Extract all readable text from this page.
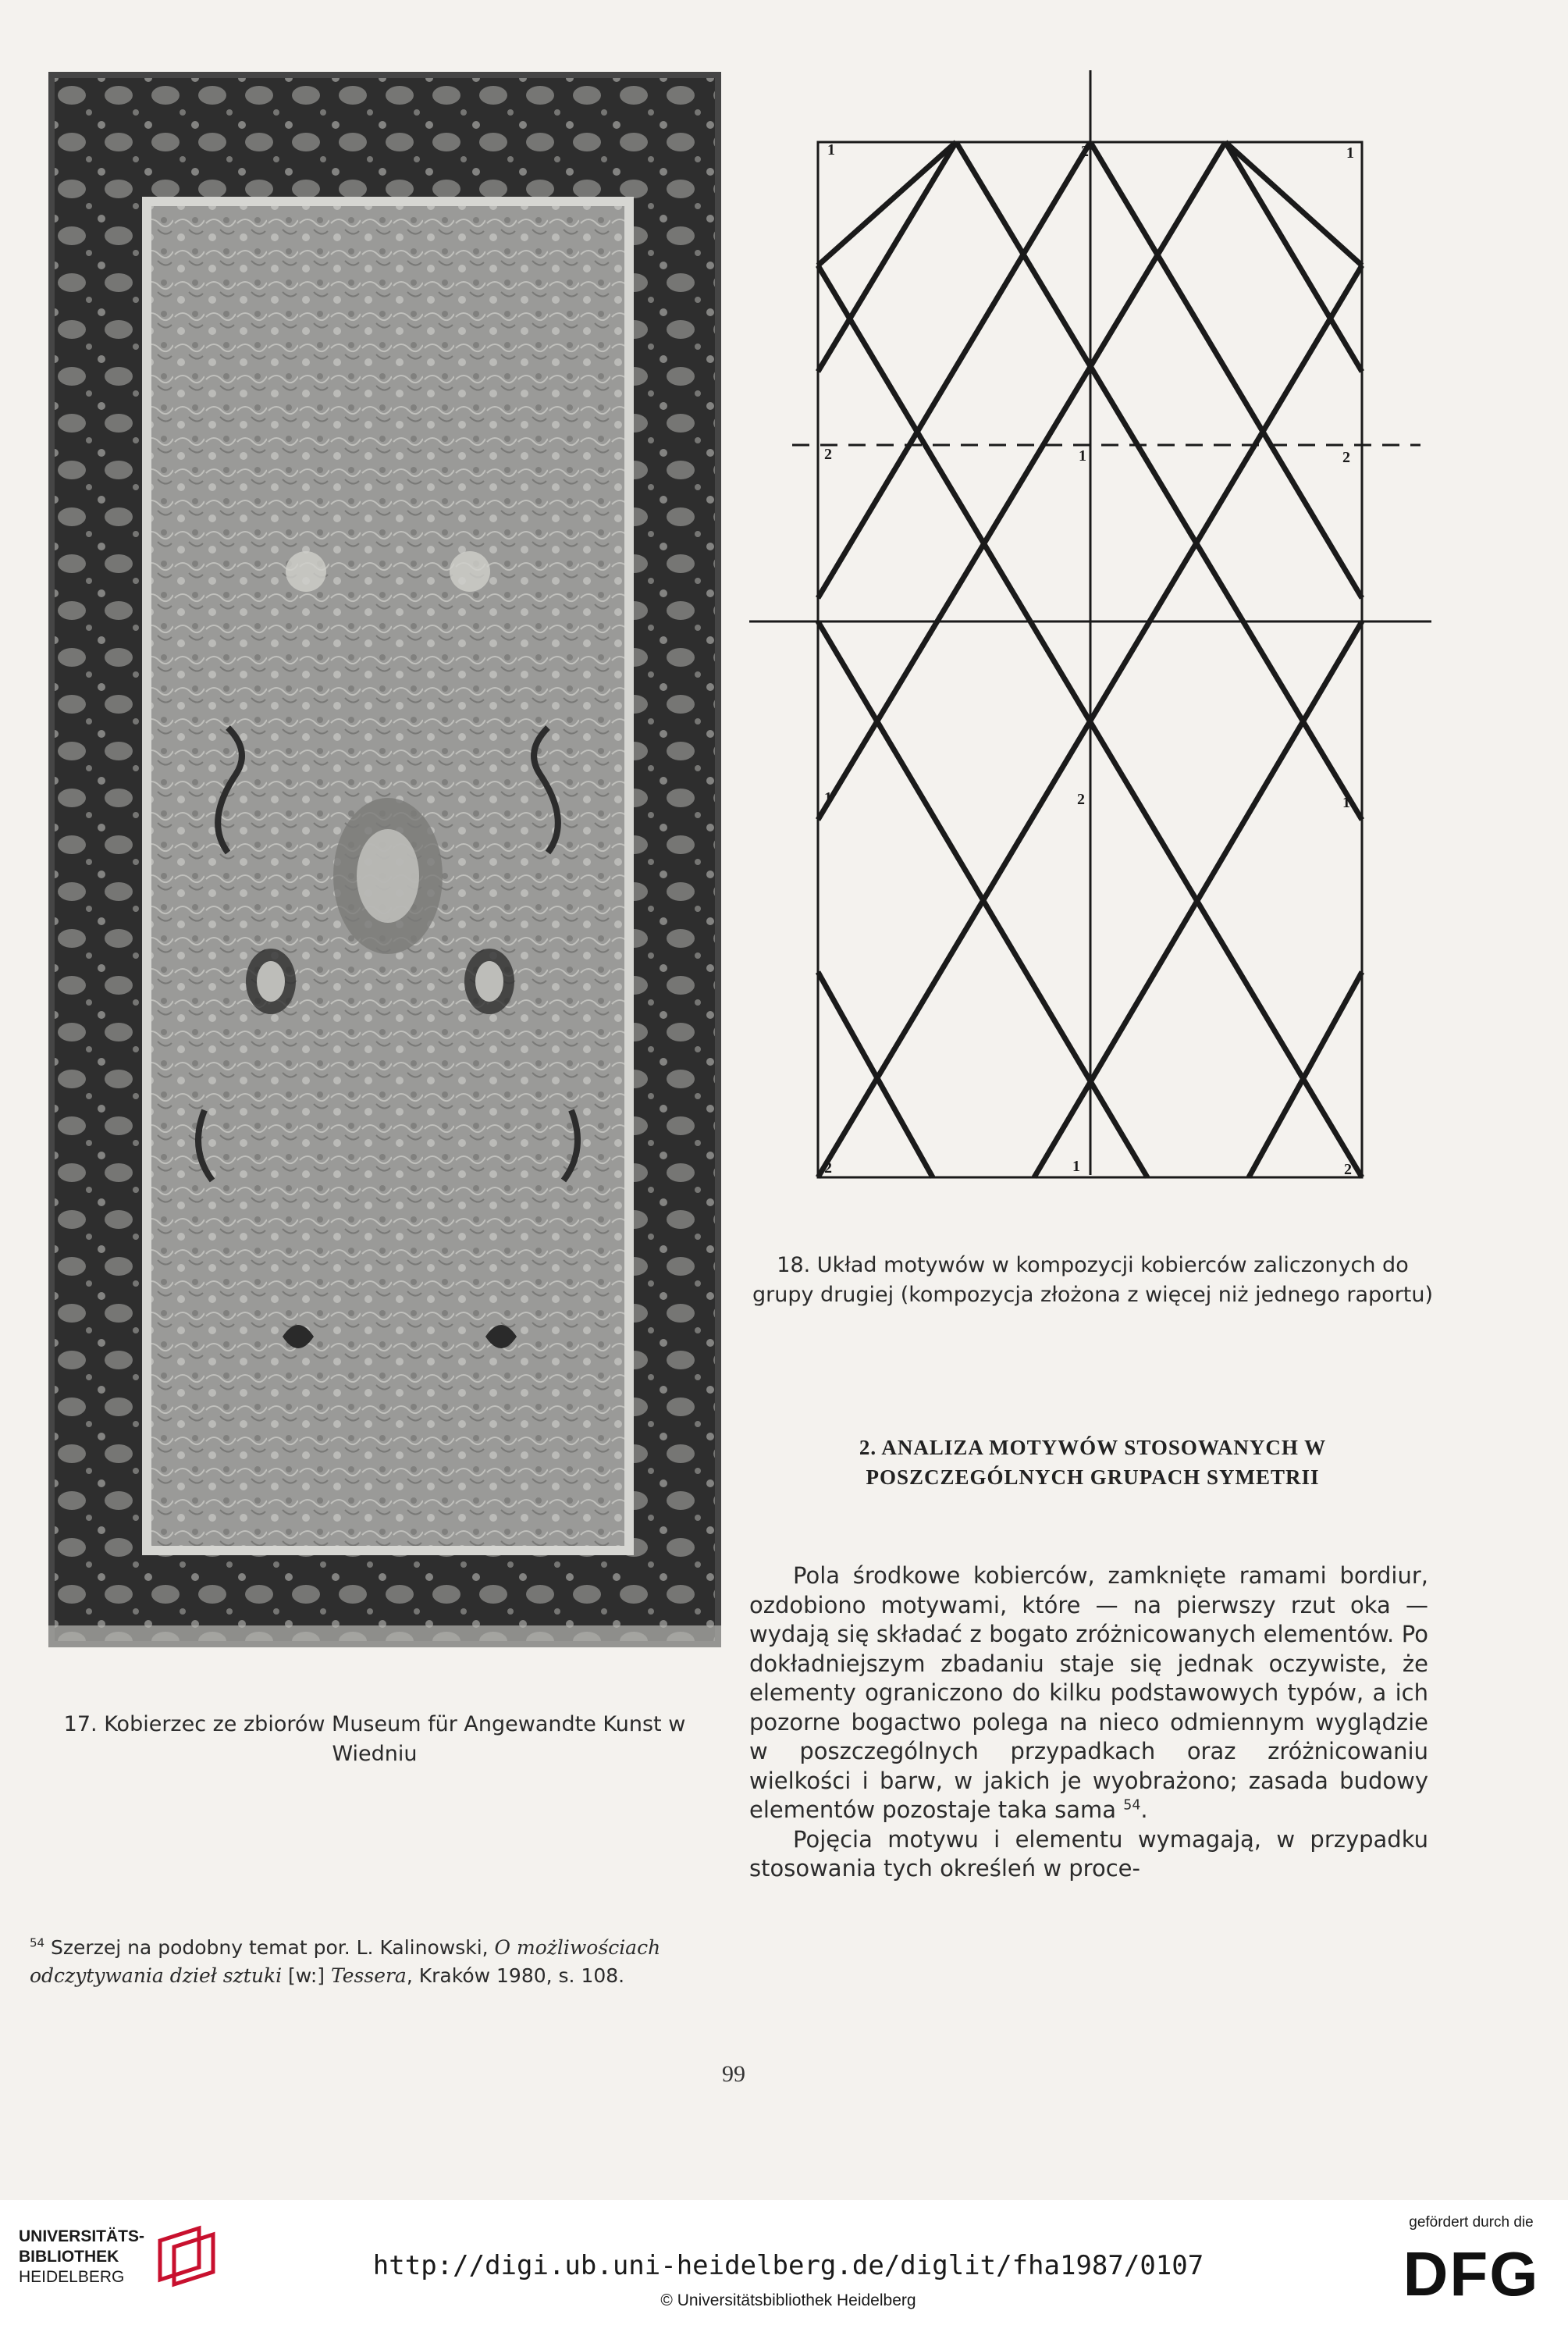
1	2	1
2	1	2
1	2	1
2	1	2
18. Układ motywów w kompozycji kobierców zaliczonych do grupy drugiej (kompozycja złożona z więcej niż jednego raportu)
2. ANALIZA MOTYWÓW STOSOWANYCH W POSZCZEGÓLNYCH GRUPACH SYMETRII

Pola środkowe kobierców, zamknięte ramami bordiur, ozdobiono motywami, które — na pierwszy rzut oka — wydają się składać z bogato zróżnicowanych elementów. Po dokładniejszym zbadaniu staje się jednak oczywiste, że elementy ograniczono do kilku podstawowych typów, a ich pozorne bogactwo polega na nieco odmiennym wyglądzie w poszczególnych przypadkach oraz zróżnicowaniu wielkości i barw, w jakich je wyobrażono; zasada budowy elementów pozostaje taka sama $^{54}$.

Pojęcia motywu i elementu wymagają, w przypadku stosowania tych określeń w proce-

17. Kobierzec ze zbiorów Museum für Angewandte Kunst w Wiedniu
$^{54}$ Szerzej na podobny temat por. L. Kalinowski, O możliwościach odczytywania dzieł sztuki [w:] Tessera, Kraków 1980, s. 108.
99
UNIVERSITÄTS-
BIBLIOTHEK
HEIDELBERG	http://digi.ub.uni-heidelberg.de/diglit/fha1987/0107
© Universitätsbibliothek Heidelberg
gefördert durch die
DFG
